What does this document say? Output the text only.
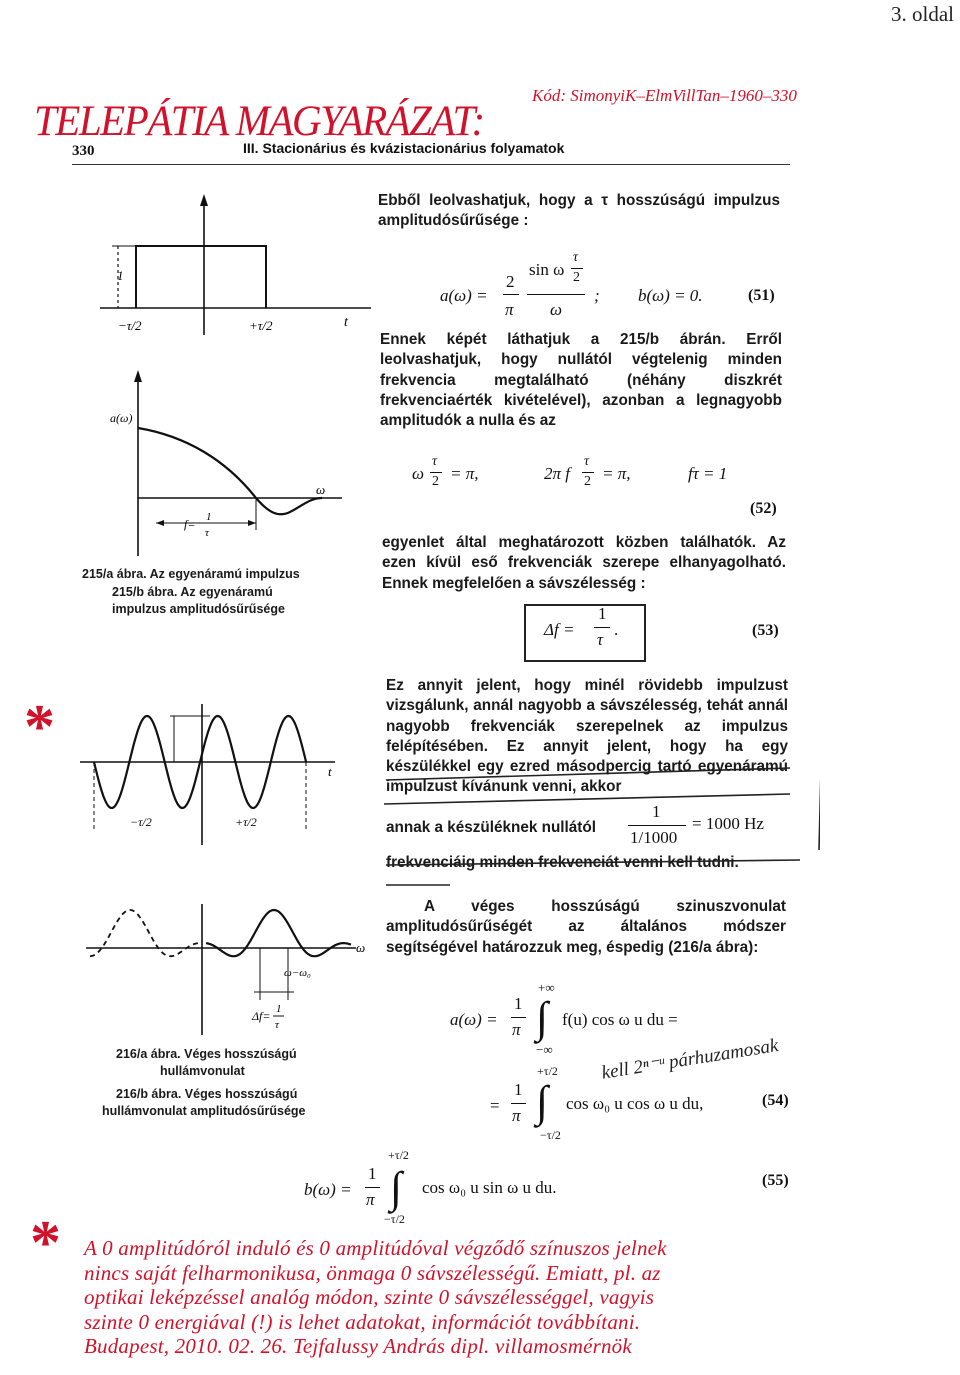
3. oldal
TELEPÁTIA MAGYARÁZAT:
Kód: SimonyiK–ElmVillTan–1960–330
330	III. Stacionárius és kvázistacionárius folyamatok
Ebből leolvashatjuk, hogy a τ hosszúságú impulzus amplitudósűrűsége :
Ennek képét láthatjuk a 215/b ábrán. Erről leolvashatjuk, hogy nullától végtelenig minden frekvencia megtalálható (néhány diszkrét frekvenciaérték kivételével), azonban a legnagyobb amplitudók a nulla és az
egyenlet által meghatározott közben találhatók. Az ezen kívül eső frekvenciák szerepe elhanyagolható. Ennek megfelelően a sávszélesség :
Ez annyit jelent, hogy minél rövidebb impulzust vizsgálunk, annál nagyobb a sávszélesség, tehát annál nagyobb frekvenciák szerepelnek az impulzus felépítésében. Ez annyit jelent, hogy ha egy készülékkel egy ezred másodpercig tartó egyenáramú impulzust kívánunk venni, akkor
frekvenciáig minden frekvenciát venni kell tudni.
A véges hosszúságú szinuszvonulat amplitudósűrűségét az általános módszer segítségével határozzuk meg, éspedig (216/a ábra):
a(ω) =
2
π
sin ω
τ
2
ω
; b(ω) = 0.	(51)
ω
τ
2 = π,	2π f
τ
2 = π,	fτ = 1
(52)
Δf =
1
τ
.	(53)
annak a készüléknek nullától
1
1/1000
= 1000 Hz
a(ω) =
1
π
+∞
∫
−∞
f(u) cos ω u du =
=
1
π
+τ/2
∫
−τ/2
cos ω₀ u cos ω u du,	(54)
b(ω) =
1
π
+τ/2
∫
−τ/2
cos ω₀ u sin ω u du.	(55)
kell 2ⁿ⁻ᵘ párhuzamosak
1
−τ/2	+τ/2	t
a(ω)
ω
f= 1
τ
215/a ábra. Az egyenáramú impulzus
215/b ábra. Az egyenáramú
impulzus amplitudósűrűsége
*
−τ/2	+τ/2
t
ω
ω−ω₀
Δf= 1
τ
216/a ábra. Véges hosszúságú
hullámvonulat
216/b ábra. Véges hosszúságú
hullámvonulat amplitudósűrűsége
* A 0 amplitúdóról induló és 0 amplitúdóval végződő színuszos jelnek
nincs saját felharmonikusa, önmaga 0 sávszélességű. Emiatt, pl. az
optikai leképzéssel analóg módon, szinte 0 sávszélességgel, vagyis
szinte 0 energiával (!) is lehet adatokat, információt továbbítani.
Budapest, 2010. 02. 26. Tejfalussy András dipl. villamosmérnök
